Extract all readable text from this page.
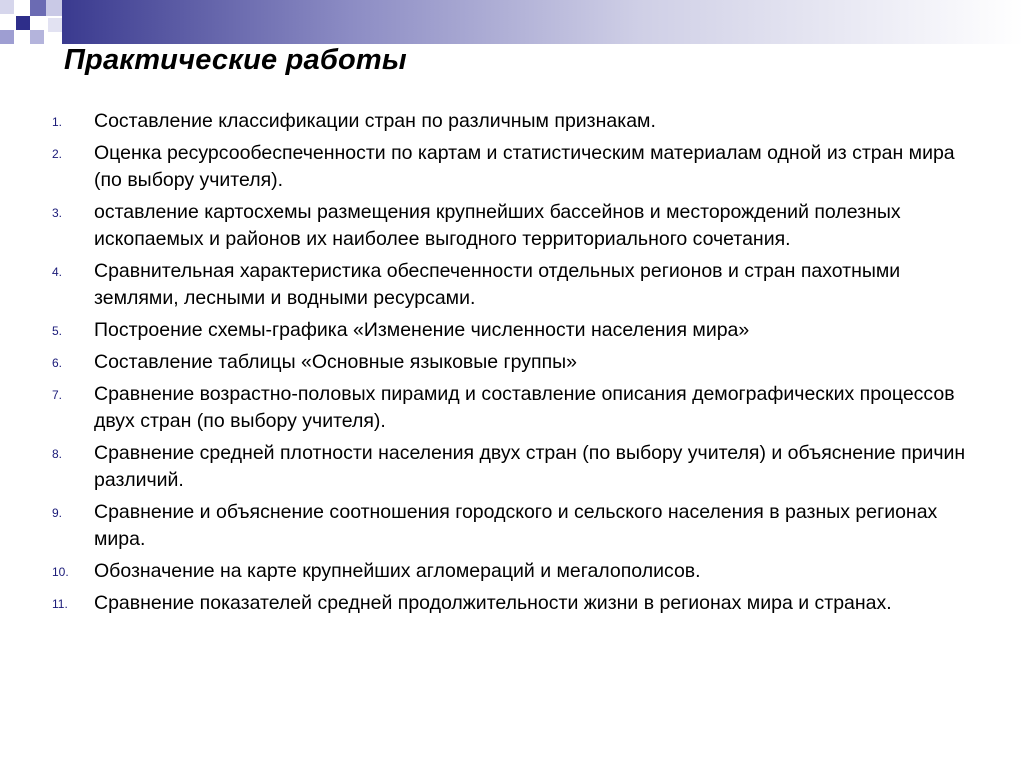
Практические работы
1.	Составление классификации стран по различным признакам.
2.	Оценка ресурсообеспеченности по картам и статистическим материалам одной из стран мира (по выбору учителя).
3.	оставление картосхемы размещения крупнейших бассейнов и месторождений полезных ископаемых и районов их наиболее выгодного территориального сочетания.
4.	Сравнительная характеристика обеспеченности отдельных регионов и стран пахотными землями, лесными и водными ресурсами.
5.	Построение схемы-графика «Изменение численности населения мира»
6.	Составление таблицы «Основные языковые группы»
7.	Сравнение возрастно-половых пирамид и составление описания демографических процессов двух стран (по выбору учителя).
8.	Сравнение средней плотности населения двух стран (по выбору учителя) и объяснение причин различий.
9.	Сравнение и объяснение соотношения городского и сельского населения в разных регионах мира.
10.	Обозначение на карте крупнейших агломераций и мегалополисов.
11.	Сравнение показателей средней продолжительности жизни в регионах мира и странах.
